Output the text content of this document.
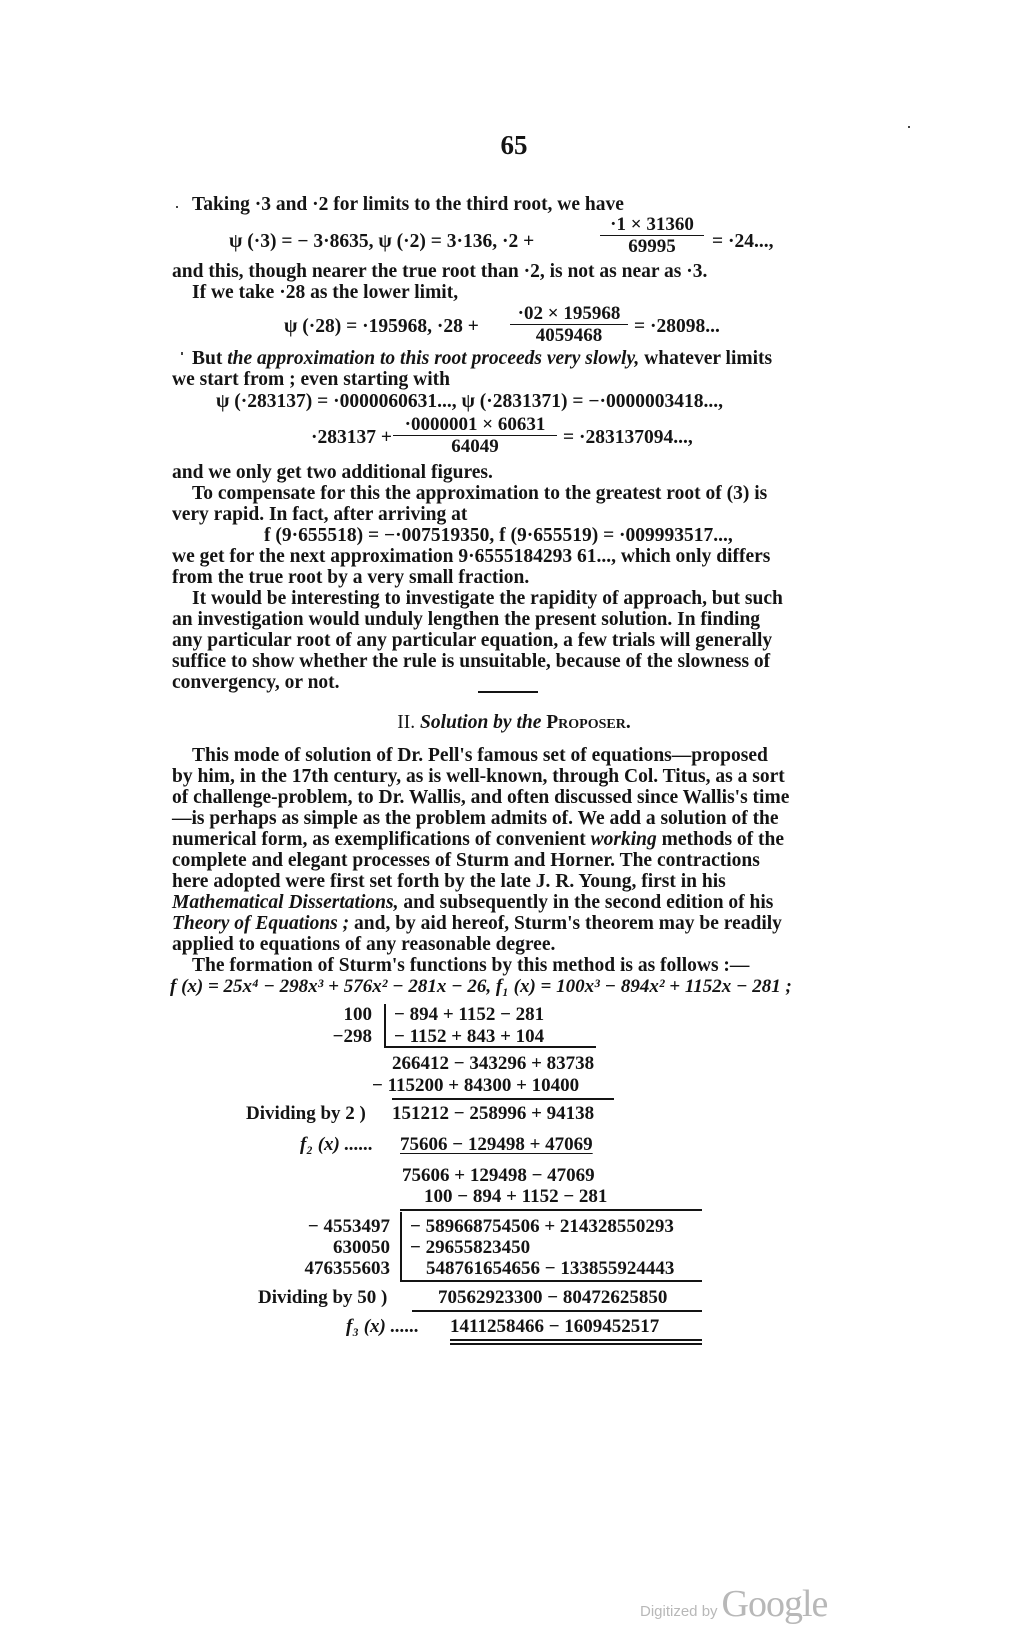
65
Taking ·3 and ·2 for limits to the third root, we have
ψ (·3) = − 3·8635, ψ (·2) = 3·136, ·2 +	$\frac{\cdot 1 \times 31360}{69995} = \cdot 24$...,
and this, though nearer the true root than ·2, is not as near as ·3.
If we take ·28 as the lower limit,
ψ (·28) = ·195968, $\cdot 28 + \frac{\cdot 02 \times 195968}{4059468} = \cdot 28098$...
But the approximation to this root proceeds very slowly, whatever limits
we start from ; even starting with
ψ (·283137) = ·0000060631..., ψ (·2831371) = −·0000003418...,
$\cdot 283137 + \frac{\cdot 0000001 \times 60631}{64049} = \cdot 283137094$...,
and we only get two additional figures.
To compensate for this the approximation to the greatest root of (3) is
very rapid. In fact, after arriving at
f (9·655518) = −·007519350, f (9·655519) = ·009993517...,
we get for the next approximation 9·6555184293 61..., which only differs
from the true root by a very small fraction.
It would be interesting to investigate the rapidity of approach, but such
an investigation would unduly lengthen the present solution. In finding
any particular root of any particular equation, a few trials will generally
suffice to show whether the rule is unsuitable, because of the slowness of
convergency, or not.
II. Solution by the Proposer.
This mode of solution of Dr. Pell's famous set of equations—proposed
by him, in the 17th century, as is well-known, through Col. Titus, as a sort
of challenge-problem, to Dr. Wallis, and often discussed since Wallis's time
—is perhaps as simple as the problem admits of. We add a solution of the
numerical form, as exemplifications of convenient working methods of the
complete and elegant processes of Sturm and Horner. The contractions
here adopted were first set forth by the late J. R. Young, first in his
Mathematical Dissertations, and subsequently in the second edition of his
Theory of Equations ; and, by aid hereof, Sturm's theorem may be readily
applied to equations of any reasonable degree.
The formation of Sturm's functions by this method is as follows :—
f (x) = 25x⁴ − 298x³ + 576x² − 281x − 26, f₁ (x) = 100x³ − 894x² + 1152x − 281 ;
100
−298
− 894 + 1152 − 281
− 1152 + 843 + 104
266412 − 343296 + 83738
− 115200 + 84300 + 10400
Dividing by 2 ) 151212 − 258996 + 94138
f₂ (x) ...... 75606 − 129498 + 47069
75606 + 129498 − 47069
100 − 894 + 1152 − 281
− 4553497
630050
476355603
− 589668754506 + 214328550293
− 29655823450
548761654656 − 133855924443
Dividing by 50 )	70562923300 − 80472625850
f₃ (x) ...... 1411258466 − 1609452517
Digitized by Google
